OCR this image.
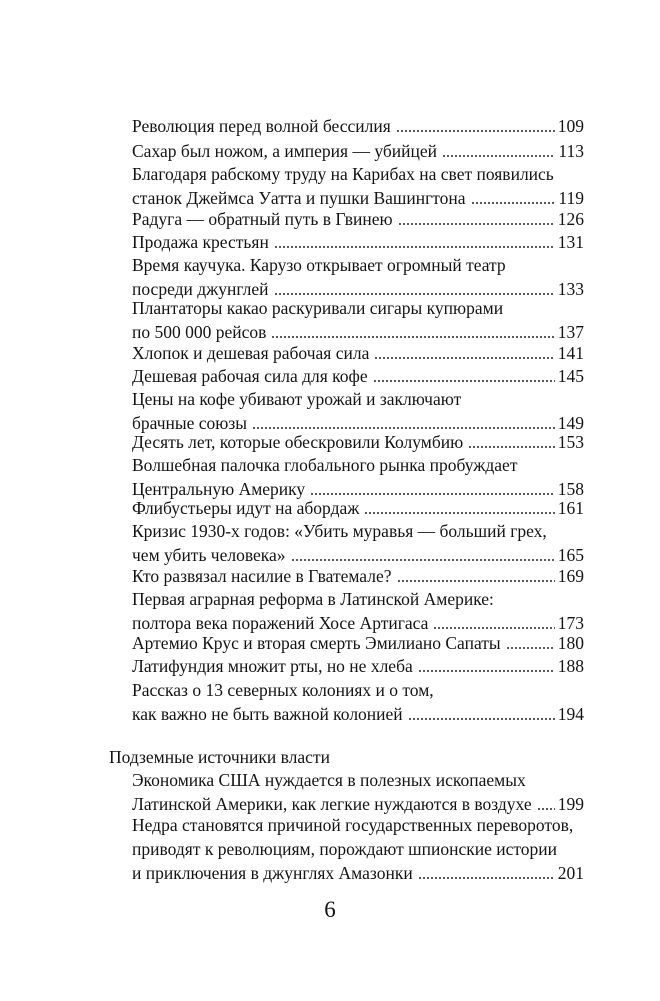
Революция перед волной бессилия	109
Сахар был ножом, а империя — убийцей	113
Благодаря рабскому труду на Карибах на свет появились
станок Джеймса Уатта и пушки Вашингтона	119
Радуга — обратный путь в Гвинею	126
Продажа крестьян	131
Время каучука. Карузо открывает огромный театр
посреди джунглей	133
Плантаторы какао раскуривали сигары купюрами
по 500 000 рейсов	137
Хлопок и дешевая рабочая сила	141
Дешевая рабочая сила для кофе	145
Цены на кофе убивают урожай и заключают
брачные союзы	149
Десять лет, которые обескровили Колумбию	153
Волшебная палочка глобального рынка пробуждает
Центральную Америку	158
Флибустьеры идут на абордаж	161
Кризис 1930-х годов: «Убить муравья — больший грех,
чем убить человека»	165
Кто развязал насилие в Гватемале?	169
Первая аграрная реформа в Латинской Америке:
полтора века поражений Хосе Артигаса	173
Артемио Крус и вторая смерть Эмилиано Сапаты	180
Латифундия множит рты, но не хлеба	188
Рассказ о 13 северных колониях и о том,
как важно не быть важной колонией	194
Подземные источники власти
Экономика США нуждается в полезных ископаемых
Латинской Америки, как легкие нуждаются в воздухе 199
Недра становятся причиной государственных переворотов,
приводят к революциям, порождают шпионские истории
и приключения в джунглях Амазонки	201
6
